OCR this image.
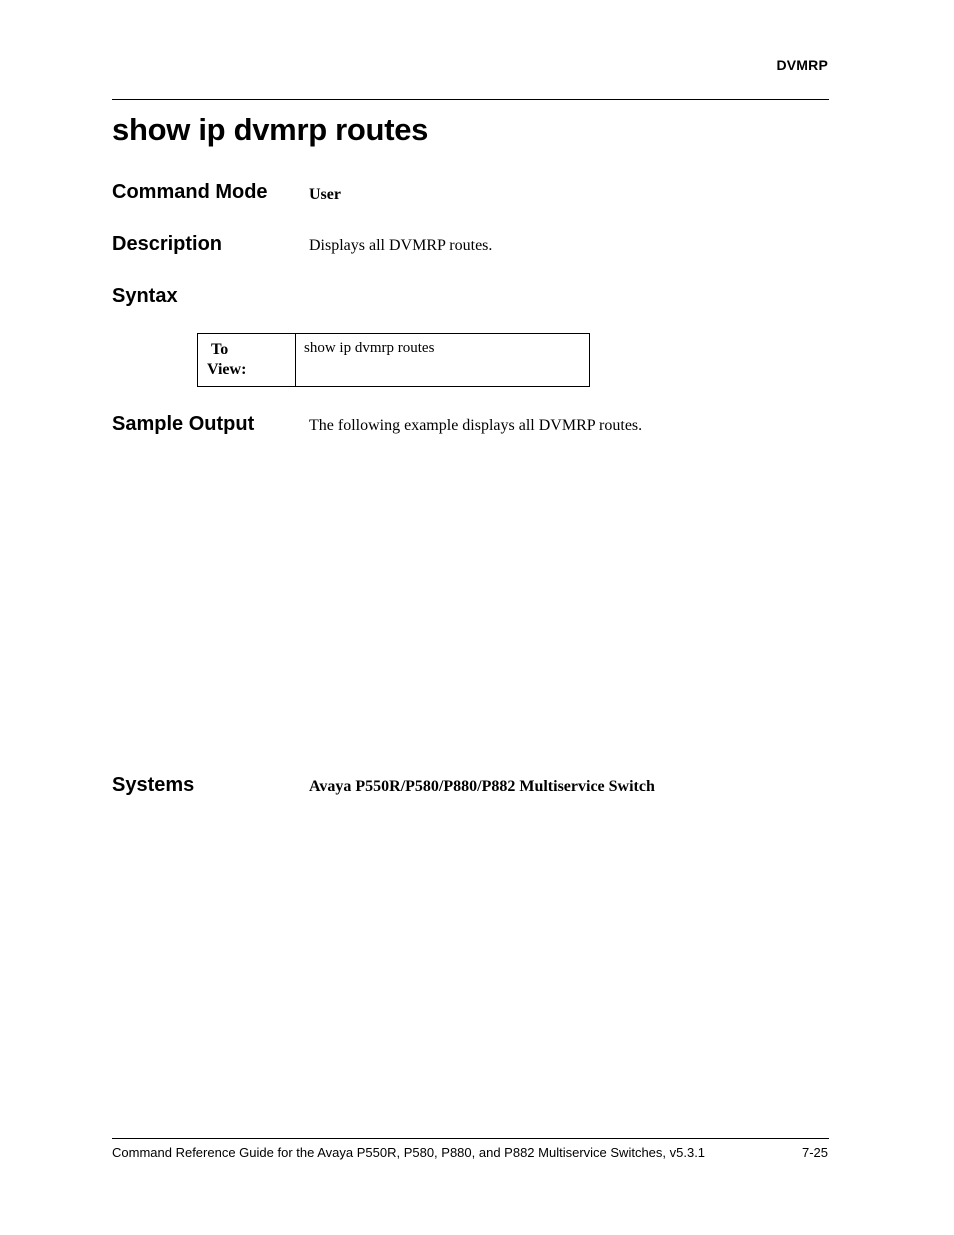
DVMRP
show ip dvmrp routes
Command Mode	User
Description	Displays all DVMRP routes.
Syntax
To
View:
	show ip dvmrp routes
Sample Output	The following example displays all DVMRP routes.
Systems	Avaya P550R/P580/P880/P882 Multiservice Switch
Command Reference Guide for the Avaya P550R, P580, P880, and P882 Multiservice Switches, v5.3.1	7-25
